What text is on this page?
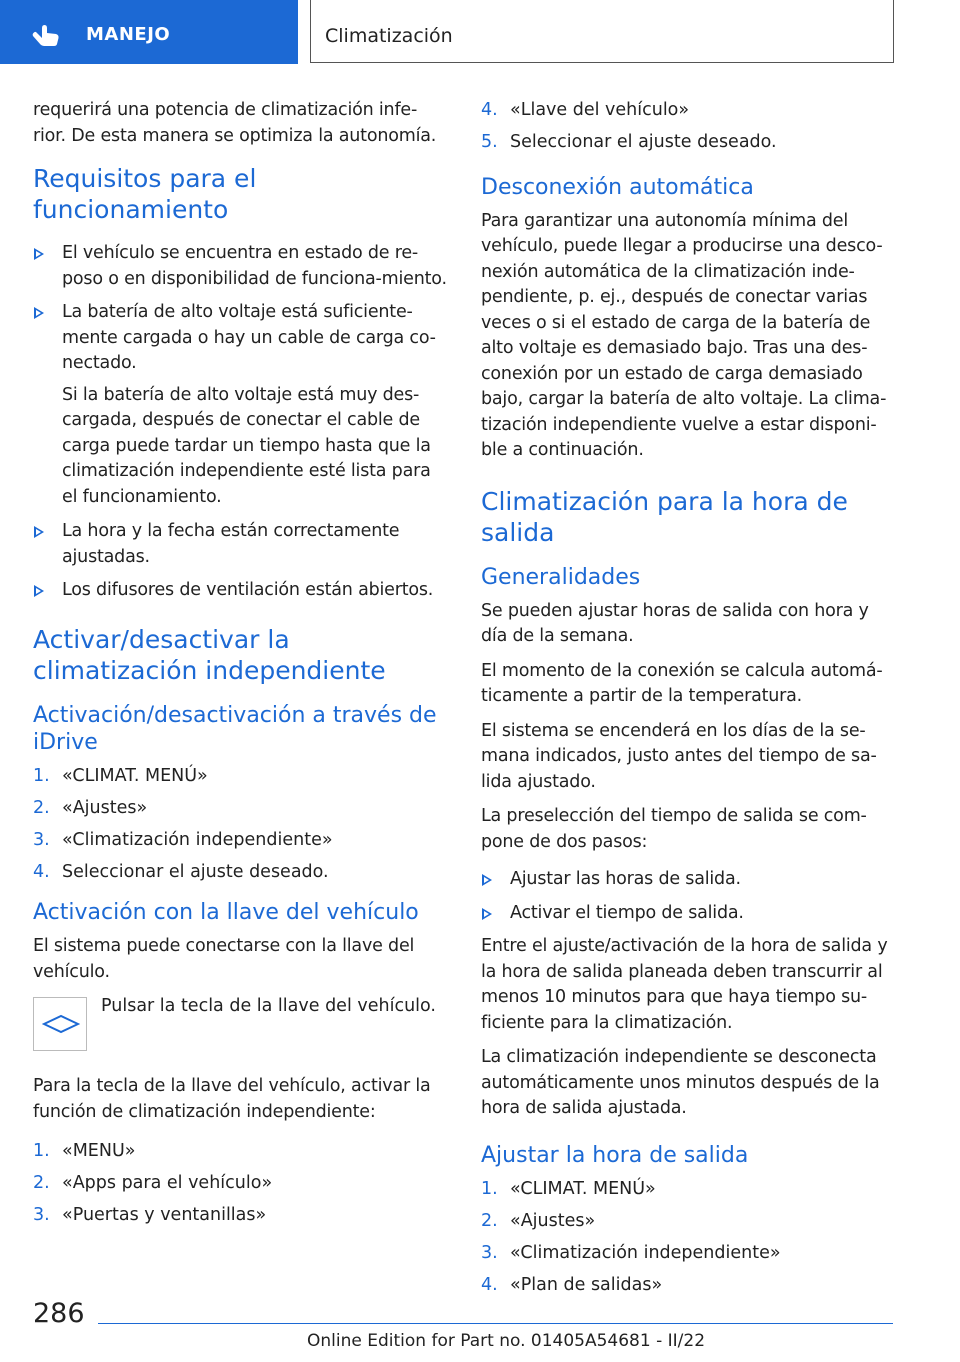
MANEJO	Climatización

requerirá una potencia de climatización infe-rior. De esta manera se optimiza la autonomía.

Requisitos para el funcionamiento
El vehículo se encuentra en estado de re-poso o en disponibilidad de funciona-miento.
La batería de alto voltaje está suficiente-mente cargada o hay un cable de carga co-nectado.
Si la batería de alto voltaje está muy des-cargada, después de conectar el cable de carga puede tardar un tiempo hasta que la climatización independiente esté lista para el funcionamiento.
La hora y la fecha están correctamente ajustadas.
Los difusores de ventilación están abiertos.
Activar/desactivar la climatización independiente
Activación/desactivación a través de iDrive
1. «CLIMAT. MENÚ»
2. «Ajustes»
3. «Climatización independiente»
4. Seleccionar el ajuste deseado.
Activación con la llave del vehículo

El sistema puede conectarse con la llave del vehículo.

Pulsar la tecla de la llave del vehículo.

Para la tecla de la llave del vehículo, activar la función de climatización independiente:

1. «MENU»
2. «Apps para el vehículo»
3. «Puertas y ventanillas»
4. «Llave del vehículo»
5. Seleccionar el ajuste deseado.
Desconexión automática

Para garantizar una autonomía mínima del vehículo, puede llegar a producirse una desco-nexión automática de la climatización inde-pendiente, p. ej., después de conectar varias veces o si el estado de carga de la batería de alto voltaje es demasiado bajo. Tras una des-conexión por un estado de carga demasiado bajo, cargar la batería de alto voltaje. La clima-tización independiente vuelve a estar disponi-ble a continuación.

Climatización para la hora de salida
Generalidades

Se pueden ajustar horas de salida con hora y día de la semana.

El momento de la conexión se calcula automá-ticamente a partir de la temperatura.

El sistema se encenderá en los días de la se-mana indicados, justo antes del tiempo de sa-lida ajustado.

La preselección del tiempo de salida se com-pone de dos pasos:

Ajustar las horas de salida.
Activar el tiempo de salida.

Entre el ajuste/activación de la hora de salida y la hora de salida planeada deben transcurrir al menos 10 minutos para que haya tiempo su-ficiente para la climatización.

La climatización independiente se desconecta automáticamente unos minutos después de la hora de salida ajustada.

Ajustar la hora de salida
1. «CLIMAT. MENÚ»
2. «Ajustes»
3. «Climatización independiente»
4. «Plan de salidas»
286
Online Edition for Part no. 01405A54681 - II/22
